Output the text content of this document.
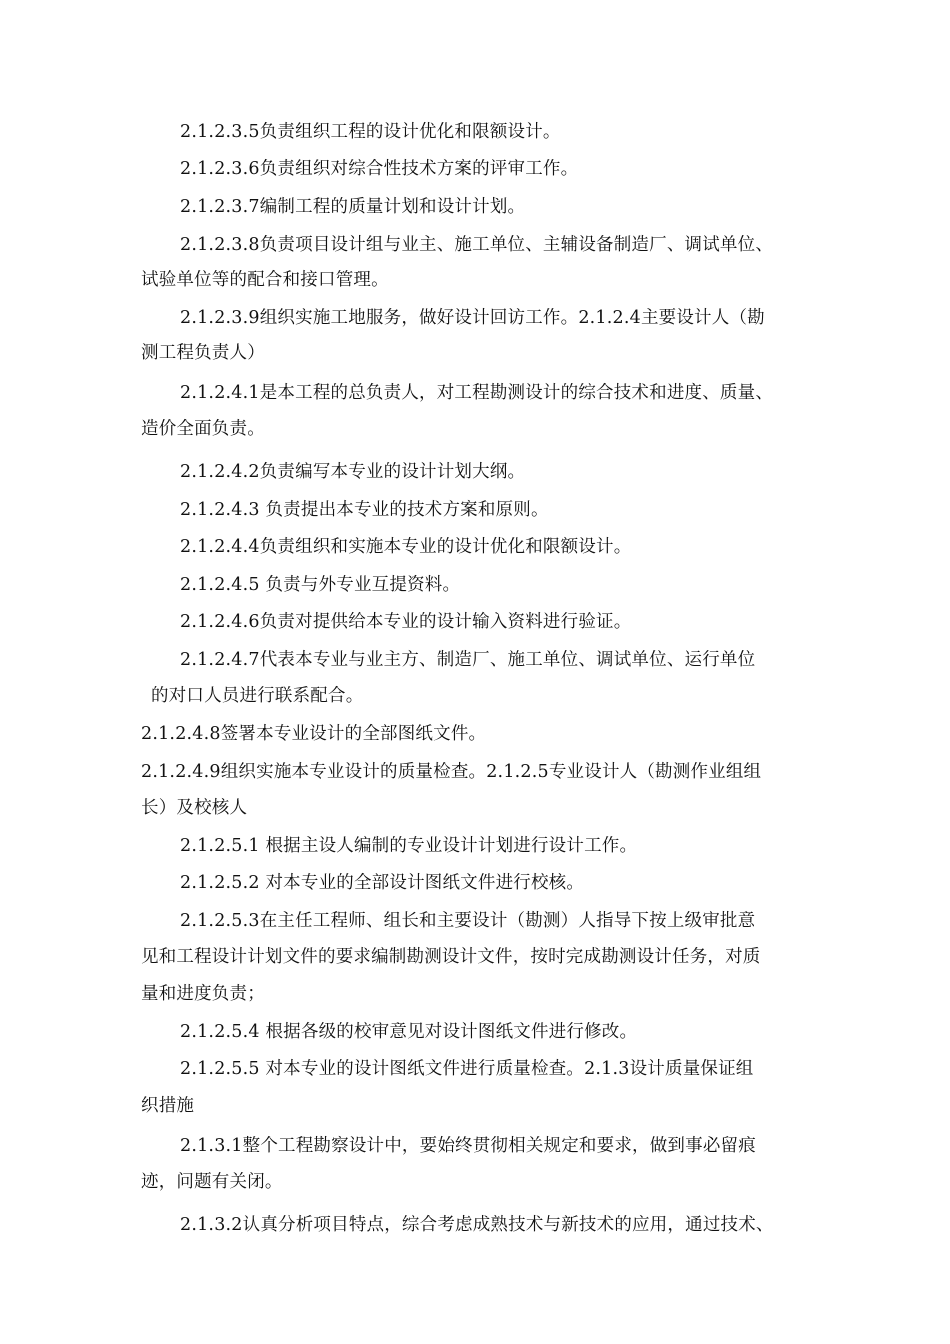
2.1.2.3.5负责组织工程的设计优化和限额设计。

2.1.2.3.6负责组织对综合性技术方案的评审工作。

2.1.2.3.7编制工程的质量计划和设计计划。

2.1.2.3.8负责项目设计组与业主、施工单位、主辅设备制造厂、调试单位、

试验单位等的配合和接口管理。

2.1.2.3.9组织实施工地服务，做好设计回访工作。2.1.2.4主要设计人（勘

测工程负责人）

2.1.2.4.1是本工程的总负责人，对工程勘测设计的综合技术和进度、质量、

造价全面负责。

2.1.2.4.2负责编写本专业的设计计划大纲。

2.1.2.4.3 负责提出本专业的技术方案和原则。

2.1.2.4.4负责组织和实施本专业的设计优化和限额设计。

2.1.2.4.5 负责与外专业互提资料。

2.1.2.4.6负责对提供给本专业的设计输入资料进行验证。

2.1.2.4.7代表本专业与业主方、制造厂、施工单位、调试单位、运行单位

的对口人员进行联系配合。

2.1.2.4.8签署本专业设计的全部图纸文件。

2.1.2.4.9组织实施本专业设计的质量检查。2.1.2.5专业设计人（勘测作业组组

长）及校核人

2.1.2.5.1 根据主设人编制的专业设计计划进行设计工作。

2.1.2.5.2 对本专业的全部设计图纸文件进行校核。

2.1.2.5.3在主任工程师、组长和主要设计（勘测）人指导下按上级审批意

见和工程设计计划文件的要求编制勘测设计文件，按时完成勘测设计任务，对质

量和进度负责；

2.1.2.5.4 根据各级的校审意见对设计图纸文件进行修改。

2.1.2.5.5 对本专业的设计图纸文件进行质量检查。2.1.3设计质量保证组

织措施

2.1.3.1整个工程勘察设计中，要始终贯彻相关规定和要求，做到事必留痕

迹，问题有关闭。

2.1.3.2认真分析项目特点，综合考虑成熟技术与新技术的应用，通过技术、
